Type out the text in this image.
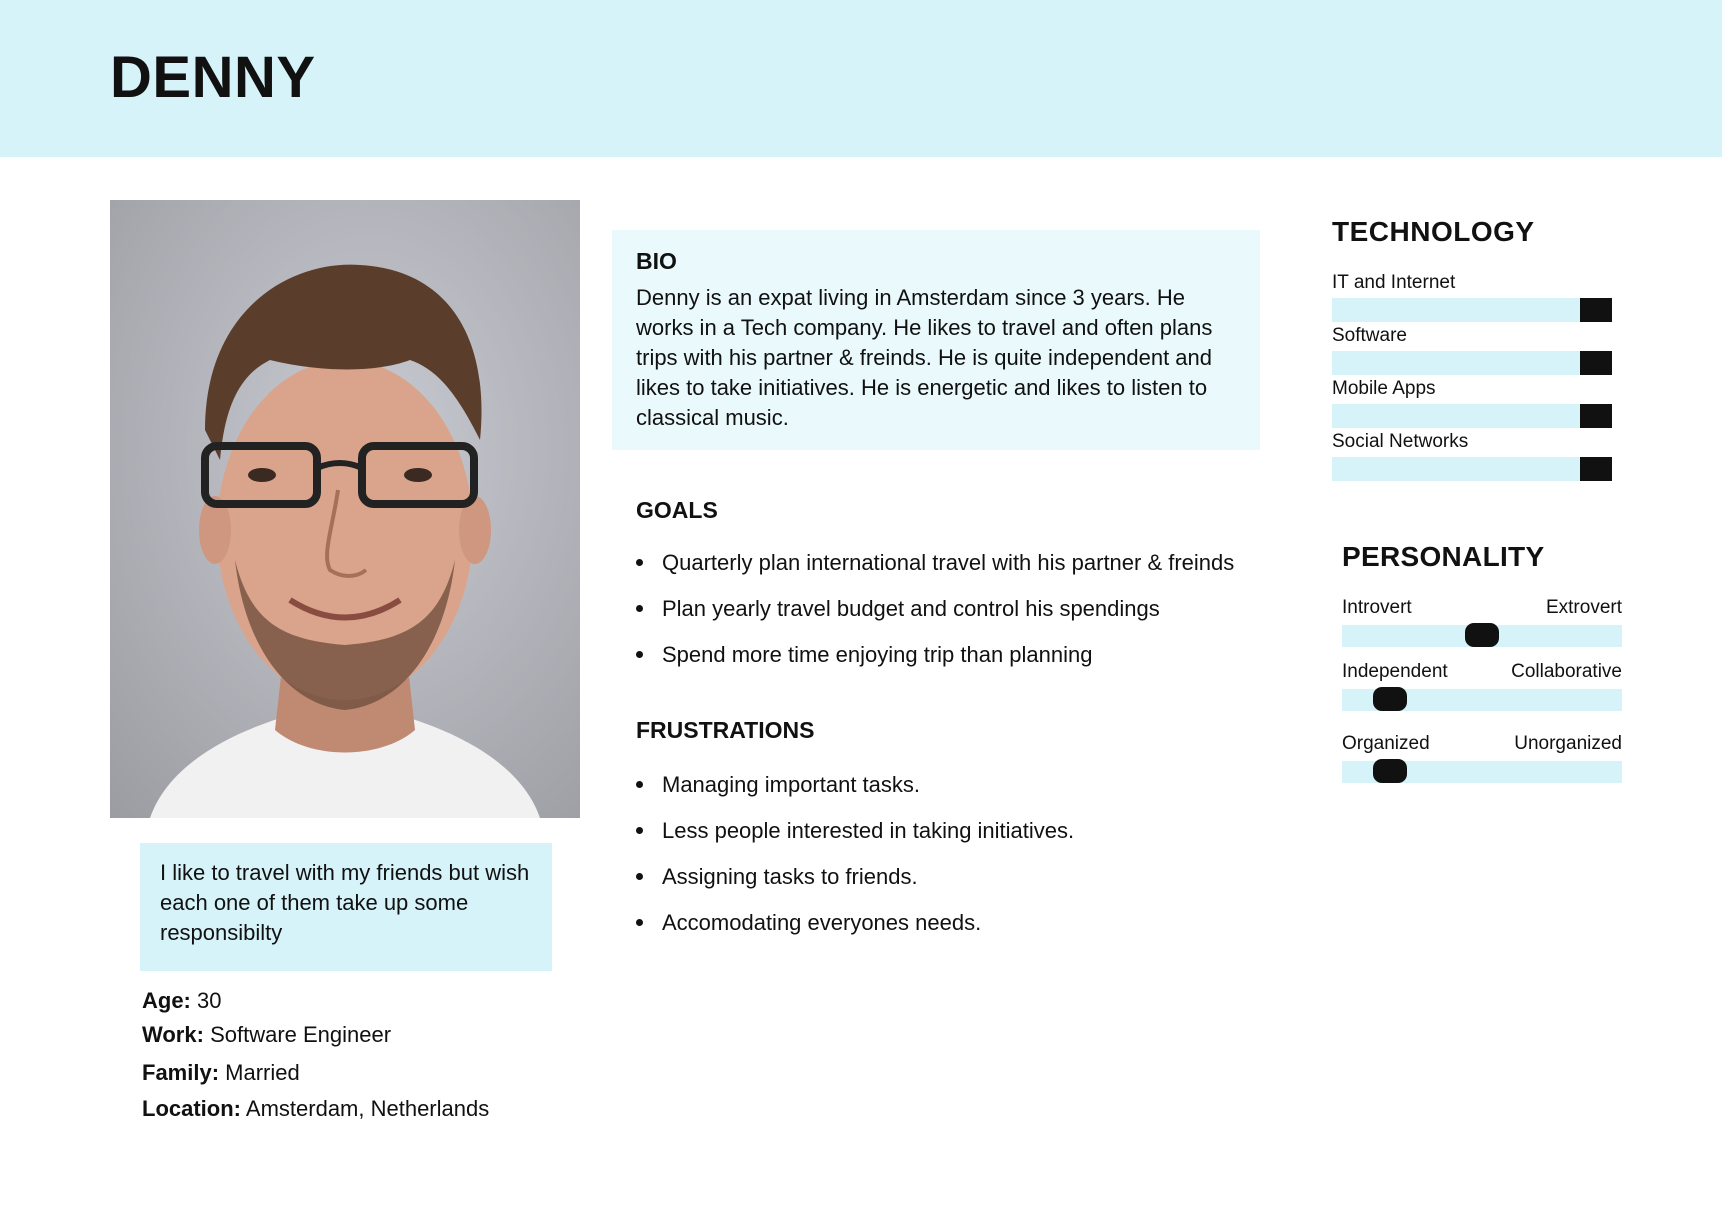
DENNY
I like to travel with my friends but wish each one of them take up some responsibilty
Age: 30
Work: Software Engineer
Family: Married
Location: Amsterdam, Netherlands
BIO
Denny is an expat living in Amsterdam since 3 years. He works in a Tech company. He likes to travel and often plans trips with his partner & freinds. He is quite independent and likes to take initiatives. He is energetic and likes to listen to classical music.
GOALS
Quarterly plan international travel with his partner & freinds
Plan yearly travel budget and control his spendings
Spend more time enjoying trip than planning
FRUSTRATIONS
Managing important tasks.
Less people interested in taking initiatives.
Assigning tasks to friends.
Accomodating everyones needs.
TECHNOLOGY
IT and Internet
Software
Mobile Apps
Social Networks
PERSONALITY
Introvert	Extrovert
Independent	Collaborative
Organized	Unorganized
